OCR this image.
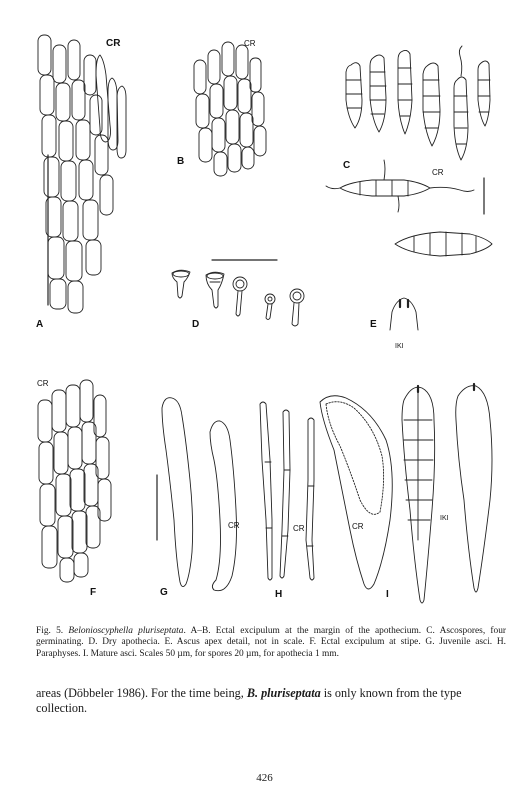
CR
A
CR
B
CR
C
D
IKI
E
CR
F
CR
G
CR
H
CR
IKI
I
Fig. 5. Belonioscyphella pluriseptata. A–B. Ectal excipulum at the margin of the apothecium. C. Ascospores, four germinating. D. Dry apothecia. E. Ascus apex detail, not in scale. F. Ectal excipulum at stipe. G. Juvenile asci. H. Paraphyses. I. Mature asci. Scales 50 µm, for spores 20 µm, for apothecia 1 mm.
areas (Döbbeler 1986). For the time being, B. pluriseptata is only known from the type collection.
426
